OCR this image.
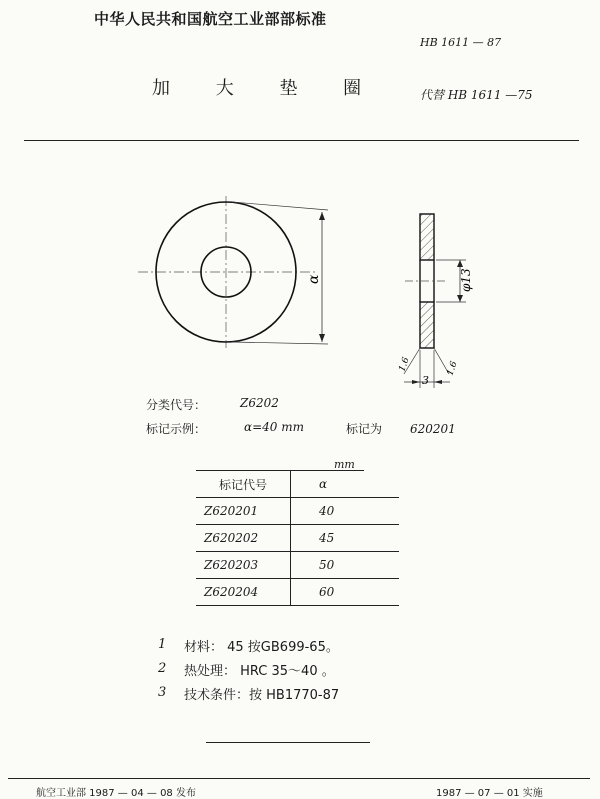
中华人民共和国航空工业部部标准
HB 1611 — 87
加 大 垫 圈	代替 HB 1611 —75
α	φ13
1.6	1.6
3
分类代号：	Z6202
标记示例：	α=40 mm	标记为 620201
mm
标记代号	α
Z620201	40
Z620202	45
Z620203	50
Z620204	60
1 材料： 45 按GB699-65。
2 热处理： HRC 35～40 。
3 技术条件：按 HB1770-87
航空工业部 1987 — 04 — 08 发布	1987 — 07 — 01 实施
